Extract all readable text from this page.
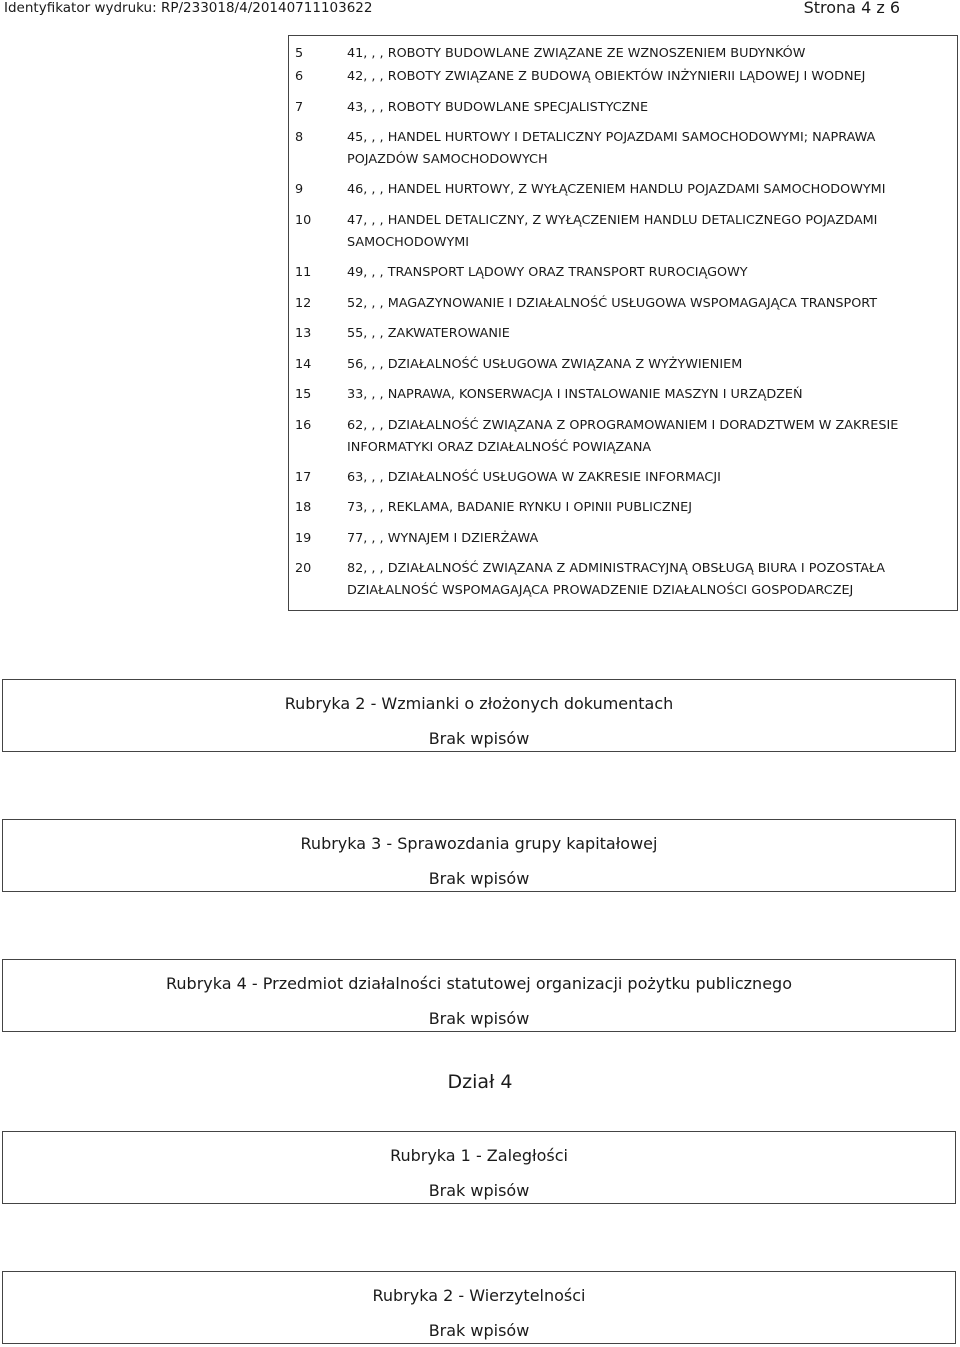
Identyfikator wydruku: RP/233018/4/20140711103622	Strona 4 z 6
5	41, , , ROBOTY BUDOWLANE ZWIĄZANE ZE WZNOSZENIEM BUDYNKÓW
6	42, , , ROBOTY ZWIĄZANE Z BUDOWĄ OBIEKTÓW INŻYNIERII LĄDOWEJ I WODNEJ
7	43, , , ROBOTY BUDOWLANE SPECJALISTYCZNE
8	45, , , HANDEL HURTOWY I DETALICZNY POJAZDAMI SAMOCHODOWYMI; NAPRAWA POJAZDÓW SAMOCHODOWYCH
9	46, , , HANDEL HURTOWY, Z WYŁĄCZENIEM HANDLU POJAZDAMI SAMOCHODOWYMI
10	47, , , HANDEL DETALICZNY, Z WYŁĄCZENIEM HANDLU DETALICZNEGO POJAZDAMI SAMOCHODOWYMI
11	49, , , TRANSPORT LĄDOWY ORAZ TRANSPORT RUROCIĄGOWY
12	52, , , MAGAZYNOWANIE I DZIAŁALNOŚĆ USŁUGOWA WSPOMAGAJĄCA TRANSPORT
13	55, , , ZAKWATEROWANIE
14	56, , , DZIAŁALNOŚĆ USŁUGOWA ZWIĄZANA Z WYŻYWIENIEM
15	33, , , NAPRAWA, KONSERWACJA I INSTALOWANIE MASZYN I URZĄDZEŃ
16	62, , , DZIAŁALNOŚĆ ZWIĄZANA Z OPROGRAMOWANIEM I DORADZTWEM W ZAKRESIE INFORMATYKI ORAZ DZIAŁALNOŚĆ POWIĄZANA
17	63, , , DZIAŁALNOŚĆ USŁUGOWA W ZAKRESIE INFORMACJI
18	73, , , REKLAMA, BADANIE RYNKU I OPINII PUBLICZNEJ
19	77, , , WYNAJEM I DZIERŻAWA
20	82, , , DZIAŁALNOŚĆ ZWIĄZANA Z ADMINISTRACYJNĄ OBSŁUGĄ BIURA I POZOSTAŁA DZIAŁALNOŚĆ WSPOMAGAJĄCA PROWADZENIE DZIAŁALNOŚCI GOSPODARCZEJ
Rubryka 2 - Wzmianki o złożonych dokumentach
Brak wpisów
Rubryka 3 - Sprawozdania grupy kapitałowej
Brak wpisów
Rubryka 4 - Przedmiot działalności statutowej organizacji pożytku publicznego
Brak wpisów
Dział 4
Rubryka 1 - Zaległości
Brak wpisów
Rubryka 2 - Wierzytelności
Brak wpisów
